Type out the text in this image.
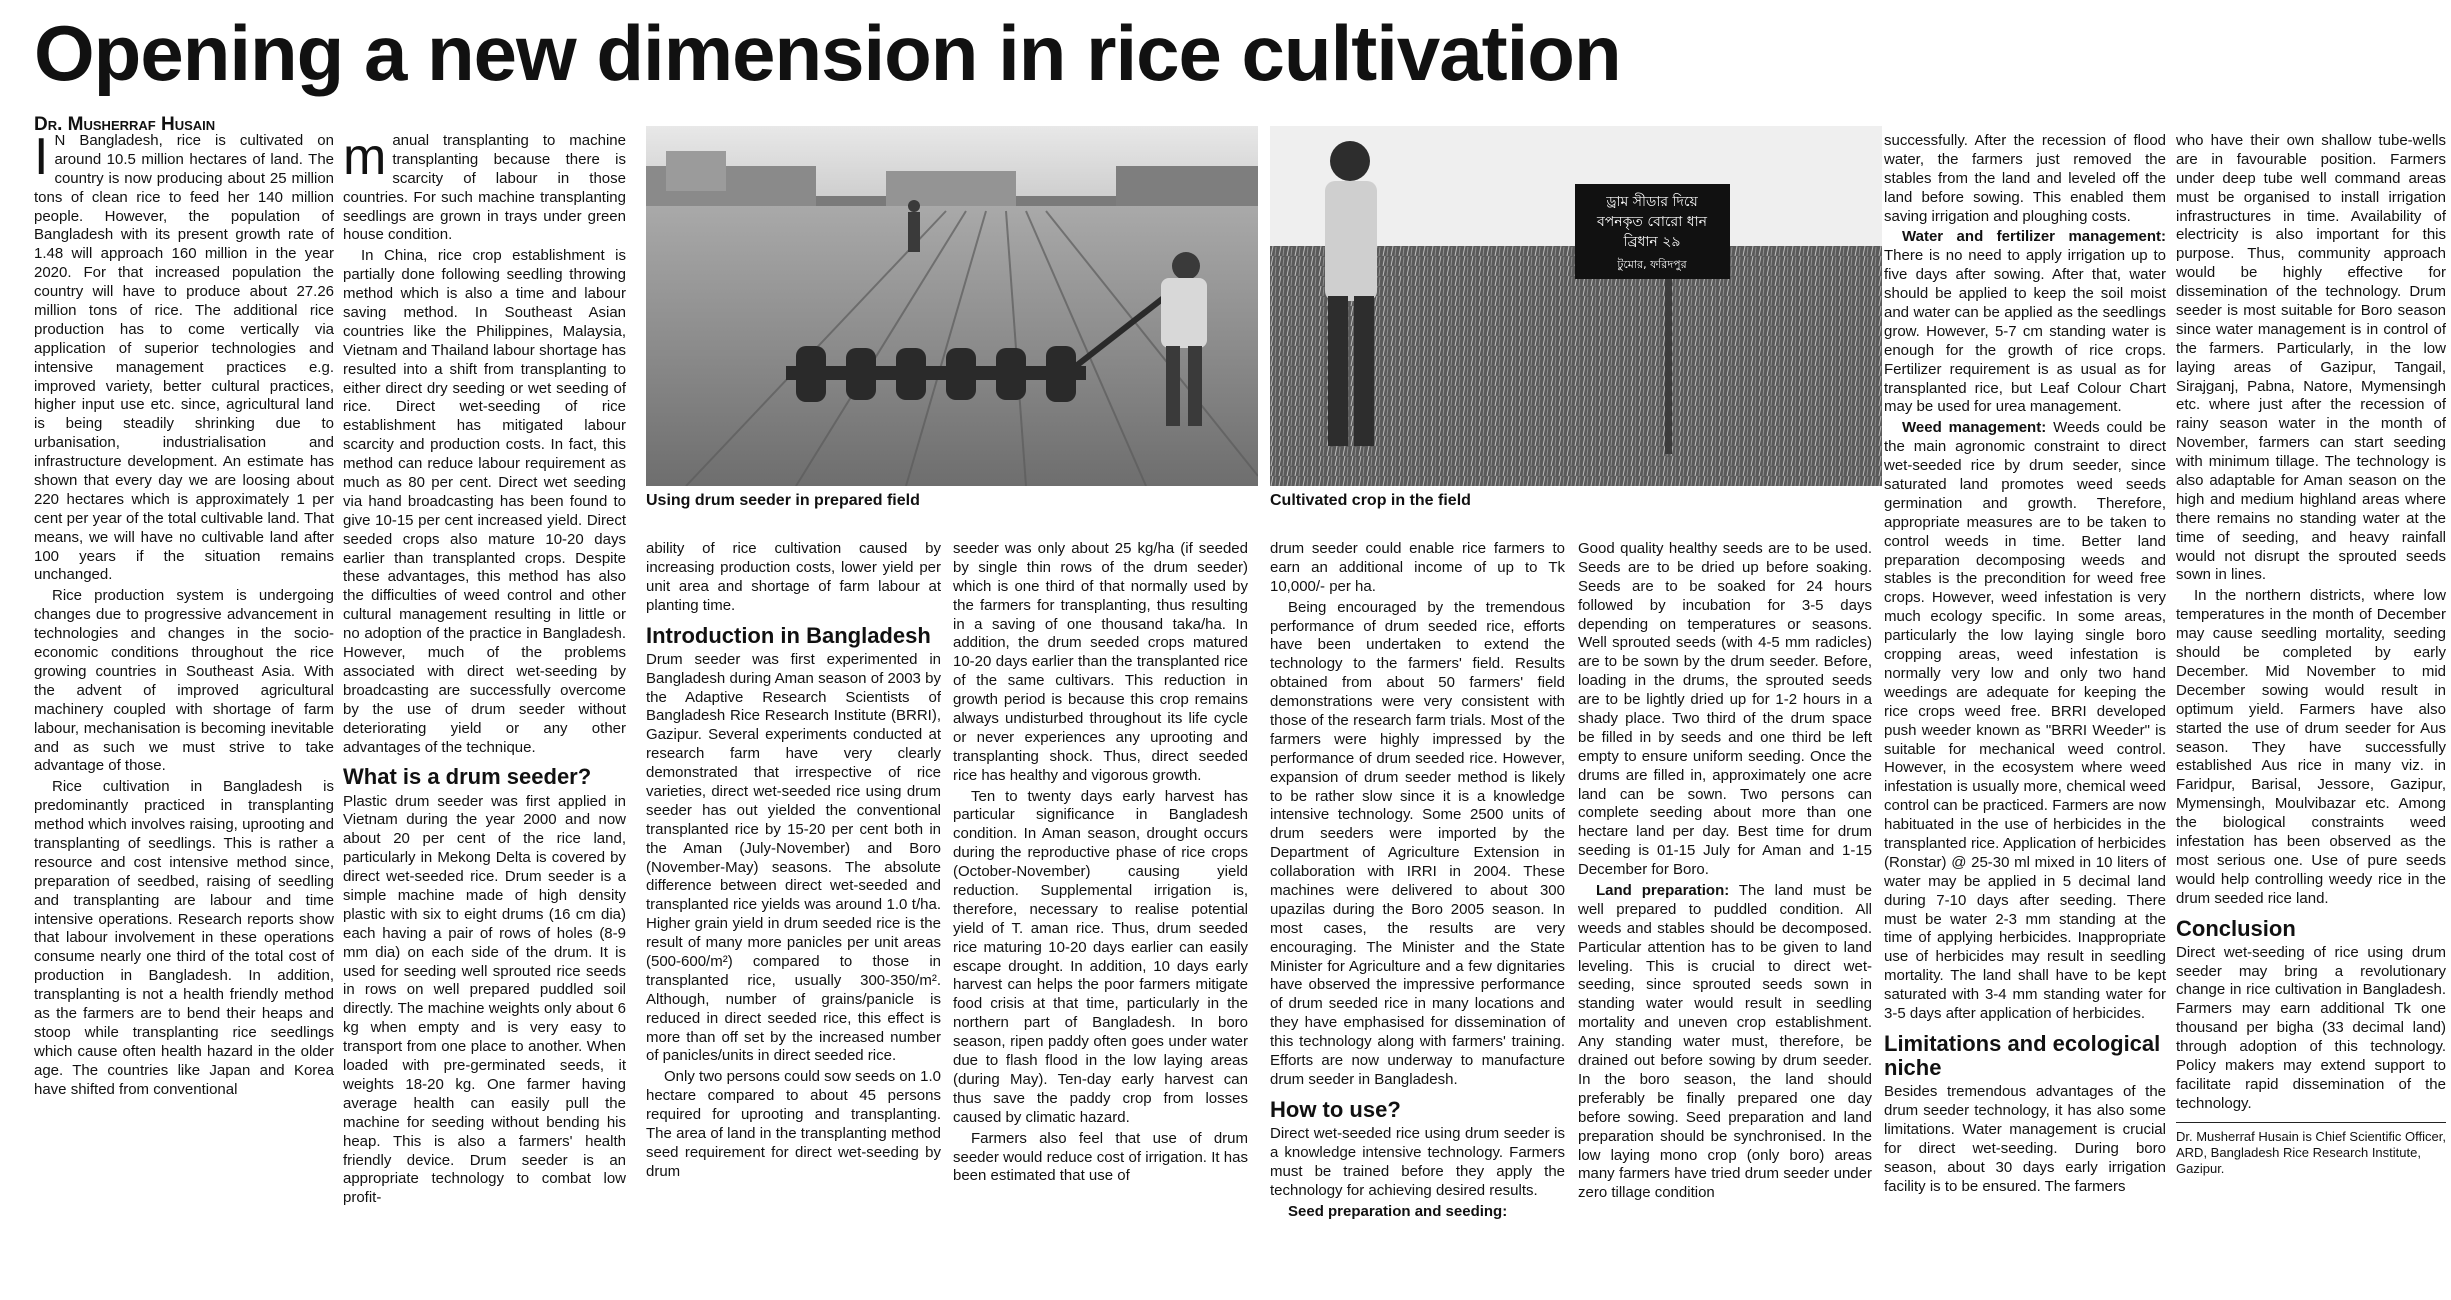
Opening a new dimension in rice cultivation
Dr. Musherraf Husain

IN Bangladesh, rice is cultivated on around 10.5 million hectares of land. The country is now producing about 25 million tons of clean rice to feed her 140 million people. However, the population of Bangladesh with its present growth rate of 1.48 will approach 160 million in the year 2020. For that increased population the country will have to produce about 27.26 million tons of rice. The additional rice production has to come vertically via application of superior technologies and intensive management practices e.g. improved variety, better cultural practices, higher input use etc. since, agricultural land is being steadily shrinking due to urbanisation, industrialisation and infrastructure development. An estimate has shown that every day we are loosing about 220 hectares which is approximately 1 per cent per year of the total cultivable land. That means, we will have no cultivable land after 100 years if the situation remains unchanged.

Rice production system is undergoing changes due to progressive advancement in technologies and changes in the socio-economic conditions throughout the rice growing countries in Southeast Asia. With the advent of improved agricultural machinery coupled with shortage of farm labour, mechanisation is becoming inevitable and as such we must strive to take advantage of those.

Rice cultivation in Bangladesh is predominantly practiced in transplanting method which involves raising, uprooting and transplanting of seedlings. This is rather a resource and cost intensive method since, preparation of seedbed, raising of seedling and transplanting are labour and time intensive operations. Research reports show that labour involvement in these operations consume nearly one third of the total cost of production in Bangladesh. In addition, transplanting is not a health friendly method as the farmers are to bend their heaps and stoop while transplanting rice seedlings which cause often health hazard in the older age. The countries like Japan and Korea have shifted from conventional

manual transplanting to machine transplanting because there is scarcity of labour in those countries. For such machine transplanting seedlings are grown in trays under green house condition.

In China, rice crop establishment is partially done following seedling throwing method which is also a time and labour saving method. In Southeast Asian countries like the Philippines, Malaysia, Vietnam and Thailand labour shortage has resulted into a shift from transplanting to either direct dry seeding or wet seeding of rice. Direct wet-seeding of rice establishment has mitigated labour scarcity and production costs. In fact, this method can reduce labour requirement as much as 80 per cent. Direct wet seeding via hand broadcasting has been found to give 10-15 per cent increased yield. Direct seeded crops also mature 10-20 days earlier than transplanted crops. Despite these advantages, this method has also the difficulties of weed control and other cultural management resulting in little or no adoption of the practice in Bangladesh. However, much of the problems associated with direct wet-seeding by broadcasting are successfully overcome by the use of drum seeder without deteriorating yield or any other advantages of the technique.

What is a drum seeder?

Plastic drum seeder was first applied in Vietnam during the year 2000 and now about 20 per cent of the rice land, particularly in Mekong Delta is covered by direct wet-seeded rice. Drum seeder is a simple machine made of high density plastic with six to eight drums (16 cm dia) each having a pair of rows of holes (8-9 mm dia) on each side of the drum. It is used for seeding well sprouted rice seeds in rows on well prepared puddled soil directly. The machine weights only about 6 kg when empty and is very easy to transport from one place to another. When loaded with pre-germinated seeds, it weights 18-20 kg. One farmer having average health can easily pull the machine for seeding without bending his heap. This is also a farmers' health friendly device. Drum seeder is an appropriate technology to combat low profit-

Using drum seeder in prepared field
ড্রাম সীডার দিয়ে
বপনকৃত বোরো ধান
ব্রিধান ২৯
টুমোর, ফরিদপুর
Cultivated crop in the field

ability of rice cultivation caused by increasing production costs, lower yield per unit area and shortage of farm labour at planting time.

Introduction in Bangladesh

Drum seeder was first experimented in Bangladesh during Aman season of 2003 by the Adaptive Research Scientists of Bangladesh Rice Research Institute (BRRI), Gazipur. Several experiments conducted at research farm have very clearly demonstrated that irrespective of rice varieties, direct wet-seeded rice using drum seeder has out yielded the conventional transplanted rice by 15-20 per cent both in the Aman (July-November) and Boro (November-May) seasons. The absolute difference between direct wet-seeded and transplanted rice yields was around 1.0 t/ha. Higher grain yield in drum seeded rice is the result of many more panicles per unit areas (500-600/m²) compared to those in transplanted rice, usually 300-350/m². Although, number of grains/panicle is reduced in direct seeded rice, this effect is more than off set by the increased number of panicles/units in direct seeded rice.

Only two persons could sow seeds on 1.0 hectare compared to about 45 persons required for uprooting and transplanting. The area of land in the transplanting method seed requirement for direct wet-seeding by drum

seeder was only about 25 kg/ha (if seeded by single thin rows of the drum seeder) which is one third of that normally used by the farmers for transplanting, thus resulting in a saving of one thousand taka/ha. In addition, the drum seeded crops matured 10-20 days earlier than the transplanted rice of the same cultivars. This reduction in growth period is because this crop remains always undisturbed throughout its life cycle or never experiences any uprooting and transplanting shock. Thus, direct seeded rice has healthy and vigorous growth.

Ten to twenty days early harvest has particular significance in Bangladesh condition. In Aman season, drought occurs during the reproductive phase of rice crops (October-November) causing yield reduction. Supplemental irrigation is, therefore, necessary to realise potential yield of T. aman rice. Thus, drum seeded rice maturing 10-20 days earlier can easily escape drought. In addition, 10 days early harvest can helps the poor farmers mitigate food crisis at that time, particularly in the northern part of Bangladesh. In boro season, ripen paddy often goes under water due to flash flood in the low laying areas (during May). Ten-day early harvest can thus save the paddy crop from losses caused by climatic hazard.

Farmers also feel that use of drum seeder would reduce cost of irrigation. It has been estimated that use of

drum seeder could enable rice farmers to earn an additional income of up to Tk 10,000/- per ha.

Being encouraged by the tremendous performance of drum seeded rice, efforts have been undertaken to extend the technology to the farmers' field. Results obtained from about 50 farmers' field demonstrations were very consistent with those of the research farm trials. Most of the farmers were highly impressed by the performance of drum seeded rice. However, expansion of drum seeder method is likely to be rather slow since it is a knowledge intensive technology. Some 2500 units of drum seeders were imported by the Department of Agriculture Extension in collaboration with IRRI in 2004. These machines were delivered to about 300 upazilas during the Boro 2005 season. In most cases, the results are very encouraging. The Minister and the State Minister for Agriculture and a few dignitaries have observed the impressive performance of drum seeded rice in many locations and they have emphasised for dissemination of this technology along with farmers' training. Efforts are now underway to manufacture drum seeder in Bangladesh.

How to use?

Direct wet-seeded rice using drum seeder is a knowledge intensive technology. Farmers must be trained before they apply the technology for achieving desired results.

Seed preparation and seeding:

Good quality healthy seeds are to be used. Seeds are to be dried up before soaking. Seeds are to be soaked for 24 hours followed by incubation for 3-5 days depending on temperatures or seasons. Well sprouted seeds (with 4-5 mm radicles) are to be sown by the drum seeder. Before, loading in the drums, the sprouted seeds are to be lightly dried up for 1-2 hours in a shady place. Two third of the drum space be filled in by seeds and one third be left empty to ensure uniform seeding. Once the drums are filled in, approximately one acre land can be sown. Two persons can complete seeding about more than one hectare land per day. Best time for drum seeding is 01-15 July for Aman and 1-15 December for Boro.

Land preparation: The land must be well prepared to puddled condition. All weeds and stables should be decomposed. Particular attention has to be given to land leveling. This is crucial to direct wet-seeding, since sprouted seeds sown in standing water would result in seedling mortality and uneven crop establishment. Any standing water must, therefore, be drained out before sowing by drum seeder. In the boro season, the land should preferably be finally prepared one day before sowing. Seed preparation and land preparation should be synchronised. In the low laying mono crop (only boro) areas many farmers have tried drum seeder under zero tillage condition

successfully. After the recession of flood water, the farmers just removed the stables from the land and leveled off the land before sowing. This enabled them saving irrigation and ploughing costs.

Water and fertilizer management: There is no need to apply irrigation up to five days after sowing. After that, water should be applied to keep the soil moist and water can be applied as the seedlings grow. However, 5-7 cm standing water is enough for the growth of rice crops. Fertilizer requirement is as usual as for transplanted rice, but Leaf Colour Chart may be used for urea management.

Weed management: Weeds could be the main agronomic constraint to direct wet-seeded rice by drum seeder, since saturated land promotes weed seeds germination and growth. Therefore, appropriate measures are to be taken to control weeds in time. Better land preparation decomposing weeds and stables is the precondition for weed free crops. However, weed infestation is very much ecology specific. In some areas, particularly the low laying single boro cropping areas, weed infestation is normally very low and only two hand weedings are adequate for keeping the rice crops weed free. BRRI developed push weeder known as "BRRI Weeder" is suitable for mechanical weed control. However, in the ecosystem where weed infestation is usually more, chemical weed control can be practiced. Farmers are now habituated in the use of herbicides in the transplanted rice. Application of herbicides (Ronstar) @ 25-30 ml mixed in 10 liters of water may be applied in 5 decimal land during 7-10 days after seeding. There must be water 2-3 mm standing at the time of applying herbicides. Inappropriate use of herbicides may result in seedling mortality. The land shall have to be kept saturated with 3-4 mm standing water for 3-5 days after application of herbicides.

Limitations and ecological niche

Besides tremendous advantages of the drum seeder technology, it has also some limitations. Water management is crucial for direct wet-seeding. During boro season, about 30 days early irrigation facility is to be ensured. The farmers

who have their own shallow tube-wells are in favourable position. Farmers under deep tube well command areas must be organised to install irrigation infrastructures in time. Availability of electricity is also important for this purpose. Thus, community approach would be highly effective for dissemination of the technology. Drum seeder is most suitable for Boro season since water management is in control of the farmers. Particularly, in the low laying areas of Gazipur, Tangail, Sirajganj, Pabna, Natore, Mymensingh etc. where just after the recession of rainy season water in the month of November, farmers can start seeding with minimum tillage. The technology is also adaptable for Aman season on the high and medium highland areas where there remains no standing water at the time of seeding, and heavy rainfall would not disrupt the sprouted seeds sown in lines.

In the northern districts, where low temperatures in the month of December may cause seedling mortality, seeding should be completed by early December. Mid November to mid December sowing would result in optimum yield. Farmers have also started the use of drum seeder for Aus season. They have successfully established Aus rice in many viz. in Faridpur, Barisal, Jessore, Gazipur, Mymensingh, Moulvibazar etc. Among the biological constraints weed infestation has been observed as the most serious one. Use of pure seeds would help controlling weedy rice in the drum seeded rice land.

Conclusion

Direct wet-seeding of rice using drum seeder may bring a revolutionary change in rice cultivation in Bangladesh. Farmers may earn additional Tk one thousand per bigha (33 decimal land) through adoption of this technology. Policy makers may extend support to facilitate rapid dissemination of the technology.

Dr. Musherraf Husain is Chief Scientific Officer, ARD, Bangladesh Rice Research Institute, Gazipur.
